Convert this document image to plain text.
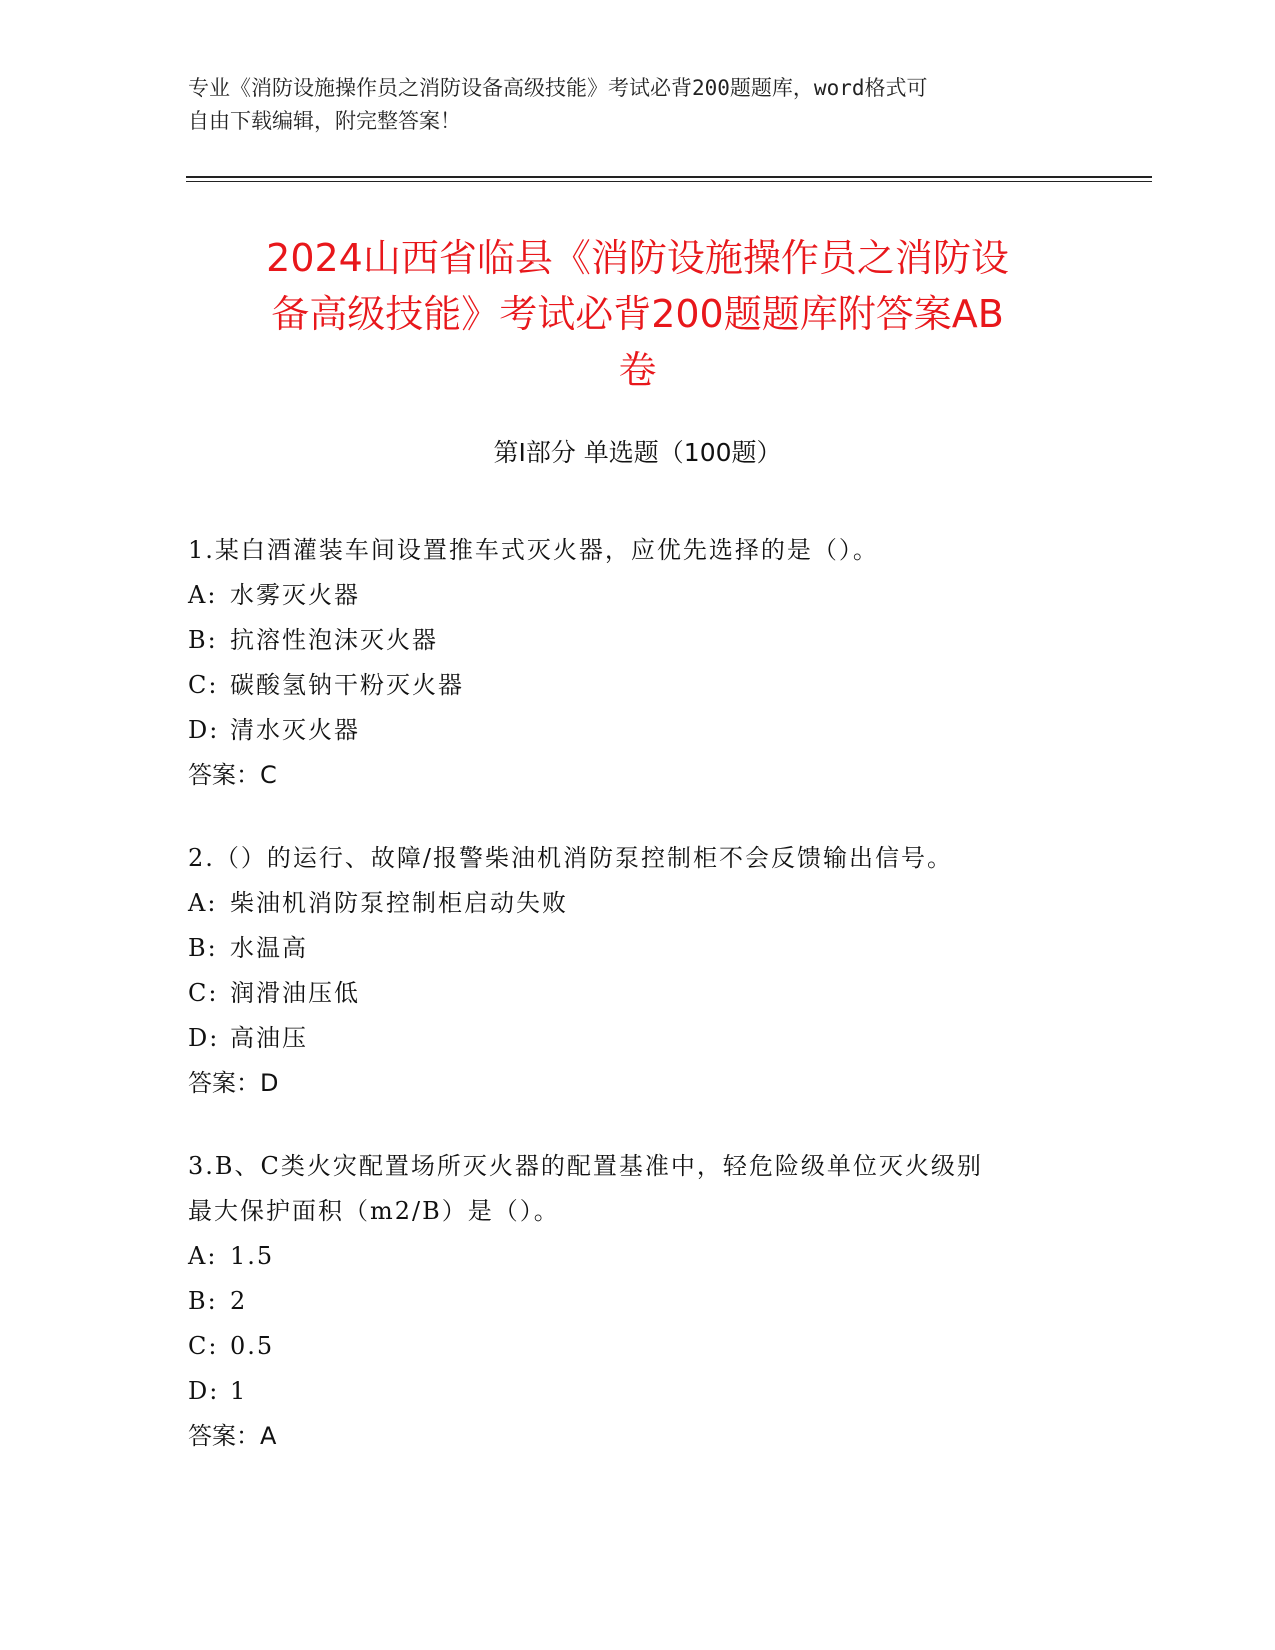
专业《消防设施操作员之消防设备高级技能》考试必背200题题库，word格式可
自由下载编辑，附完整答案！
2024山西省临县《消防设施操作员之消防设
备高级技能》考试必背200题题库附答案AB
卷
第Ⅰ部分 单选题（100题）
1.某白酒灌装车间设置推车式灭火器，应优先选择的是（）。
A: 水雾灭火器
B: 抗溶性泡沫灭火器
C: 碳酸氢钠干粉灭火器
D: 清水灭火器
答案：C
2.（）的运行、故障/报警柴油机消防泵控制柜不会反馈输出信号。
A: 柴油机消防泵控制柜启动失败
B: 水温高
C: 润滑油压低
D: 高油压
答案：D
3.B、C类火灾配置场所灭火器的配置基准中，轻危险级单位灭火级别
最大保护面积（m2/B）是（）。
A: 1.5
B: 2
C: 0.5
D: 1
答案：A
